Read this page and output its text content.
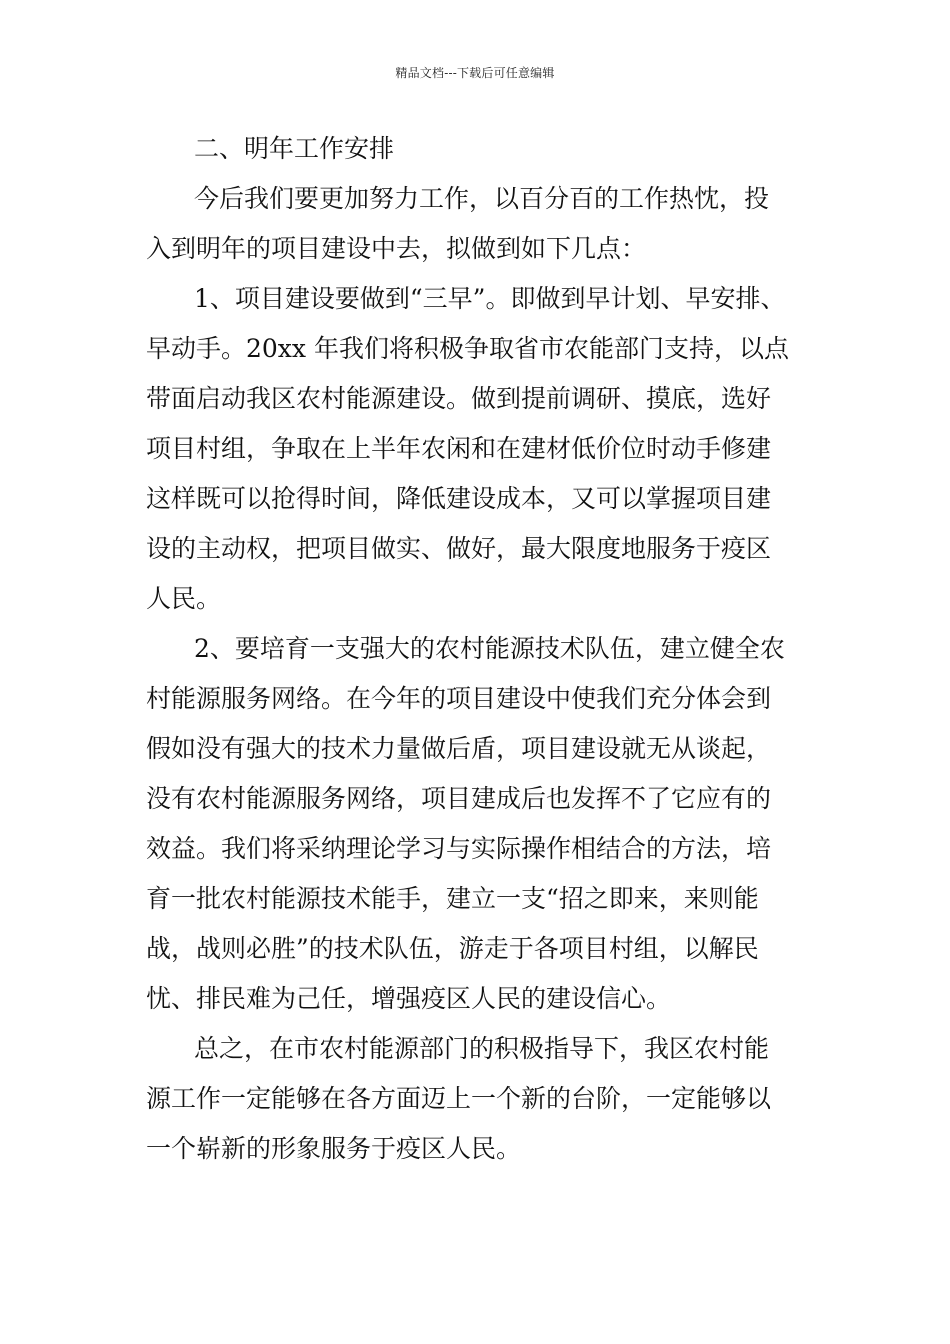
精品文档---下载后可任意编辑

二、明年工作安排

今后我们要更加努力工作，以百分百的工作热忱，投
入到明年的项目建设中去，拟做到如下几点：

1、项目建设要做到“三早”。即做到早计划、早安排、
早动手。20xx 年我们将积极争取省市农能部门支持，以点
带面启动我区农村能源建设。做到提前调研、摸底，选好
项目村组，争取在上半年农闲和在建材低价位时动手修建
这样既可以抢得时间，降低建设成本，又可以掌握项目建
设的主动权，把项目做实、做好，最大限度地服务于疫区
人民。

2、要培育一支强大的农村能源技术队伍，建立健全农
村能源服务网络。在今年的项目建设中使我们充分体会到
假如没有强大的技术力量做后盾，项目建设就无从谈起，
没有农村能源服务网络，项目建成后也发挥不了它应有的
效益。我们将采纳理论学习与实际操作相结合的方法，培
育一批农村能源技术能手，建立一支“招之即来，来则能
战，战则必胜”的技术队伍，游走于各项目村组，以解民
忧、排民难为己任，增强疫区人民的建设信心。

总之，在市农村能源部门的积极指导下，我区农村能
源工作一定能够在各方面迈上一个新的台阶，一定能够以
一个崭新的形象服务于疫区人民。
